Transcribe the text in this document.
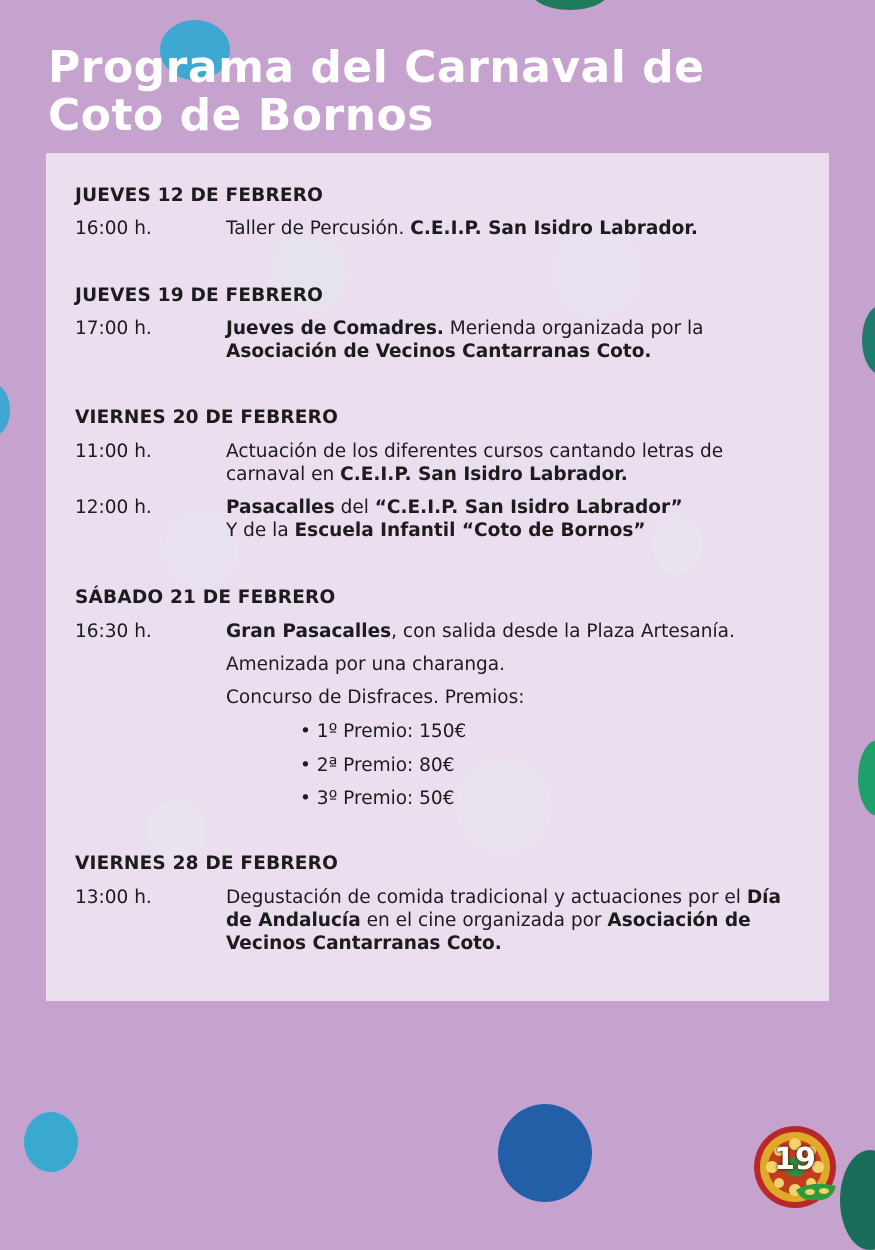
Programa del Carnaval de
Coto de Bornos
JUEVES 12 DE FEBRERO
16:00 h.	Taller de Percusión. C.E.I.P. San Isidro Labrador.
JUEVES 19 DE FEBRERO
17:00 h.	Jueves de Comadres. Merienda organizada por la
Asociación de Vecinos Cantarranas Coto.
VIERNES 20 DE FEBRERO
11:00 h.	Actuación de los diferentes cursos cantando letras de
carnaval en C.E.I.P. San Isidro Labrador.
12:00 h.	Pasacalles del “C.E.I.P. San Isidro Labrador”
Y de la Escuela Infantil “Coto de Bornos”
SÁBADO 21 DE FEBRERO
16:30 h.	Gran Pasacalles, con salida desde la Plaza Artesanía.
Amenizada por una charanga.
Concurso de Disfraces. Premios:
• 1º Premio: 150€
• 2ª Premio: 80€
• 3º Premio: 50€
VIERNES 28 DE FEBRERO
13:00 h.	Degustación de comida tradicional y actuaciones por el Día
de Andalucía en el cine organizada por Asociación de
Vecinos Cantarranas Coto.
19
